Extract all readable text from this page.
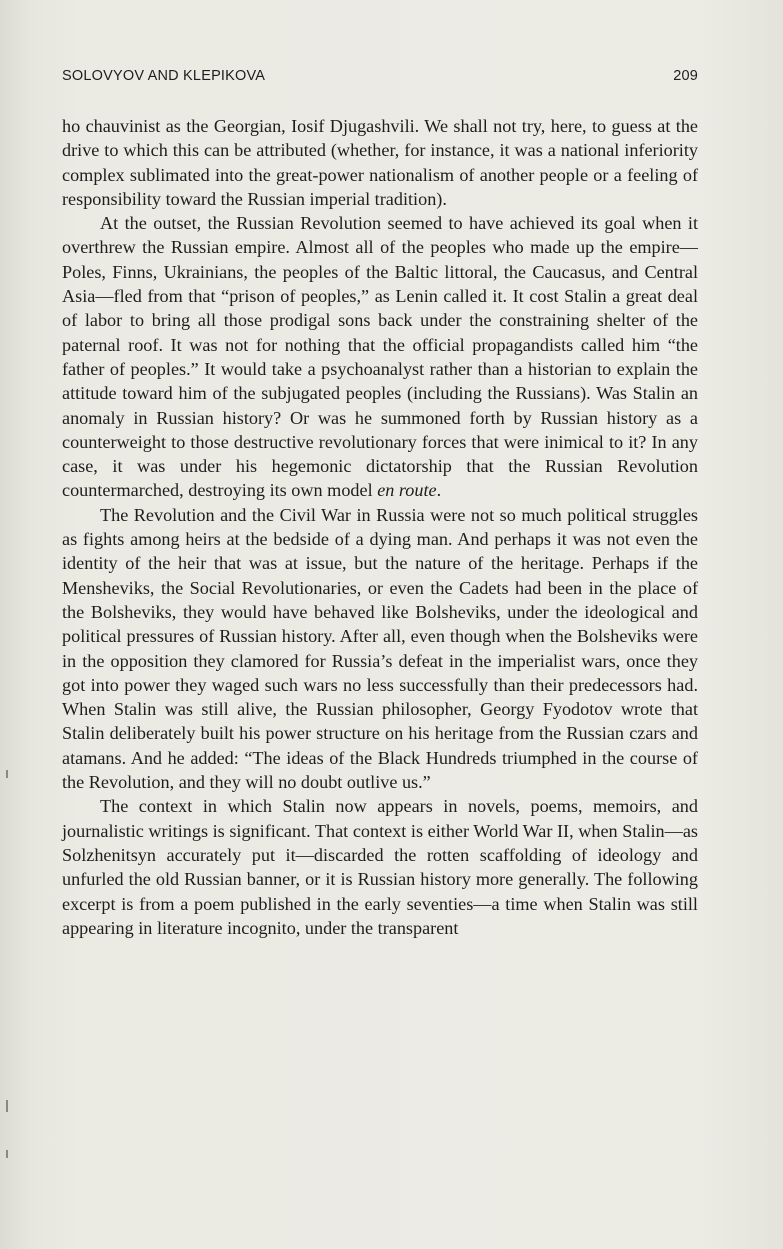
SOLOVYOV AND KLEPIKOVA	209

ho chauvinist as the Georgian, Iosif Djugashvili. We shall not try, here, to guess at the drive to which this can be attributed (whether, for instance, it was a national inferiority complex sublimated into the great-power nationalism of another people or a feeling of responsibility toward the Russian imperial tradition).

At the outset, the Russian Revolution seemed to have achieved its goal when it overthrew the Russian empire. Almost all of the peoples who made up the empire—Poles, Finns, Ukrainians, the peoples of the Baltic littoral, the Caucasus, and Central Asia—fled from that “prison of peoples,” as Lenin called it. It cost Stalin a great deal of labor to bring all those prodigal sons back under the constraining shelter of the paternal roof. It was not for nothing that the official propagandists called him “the father of peoples.” It would take a psychoanalyst rather than a historian to explain the attitude toward him of the subjugated peoples (including the Russians). Was Stalin an anomaly in Russian history? Or was he summoned forth by Russian history as a counterweight to those destructive revolutionary forces that were inimical to it? In any case, it was under his hegemonic dictatorship that the Russian Revolution countermarched, destroying its own model en route.

The Revolution and the Civil War in Russia were not so much political struggles as fights among heirs at the bedside of a dying man. And perhaps it was not even the identity of the heir that was at issue, but the nature of the heritage. Perhaps if the Mensheviks, the Social Revolutionaries, or even the Cadets had been in the place of the Bolsheviks, they would have behaved like Bolsheviks, under the ideological and political pressures of Russian history. After all, even though when the Bolsheviks were in the opposition they clamored for Russia’s defeat in the imperialist wars, once they got into power they waged such wars no less successfully than their predecessors had. When Stalin was still alive, the Russian philosopher, Georgy Fyodotov wrote that Stalin deliberately built his power structure on his heritage from the Russian czars and atamans. And he added: “The ideas of the Black Hundreds triumphed in the course of the Revolution, and they will no doubt outlive us.”

The context in which Stalin now appears in novels, poems, memoirs, and journalistic writings is significant. That context is either World War II, when Stalin—as Solzhenitsyn accurately put it—discarded the rotten scaffolding of ideology and unfurled the old Russian banner, or it is Russian history more generally. The following excerpt is from a poem published in the early seventies—a time when Stalin was still appearing in literature incognito, under the transparent
